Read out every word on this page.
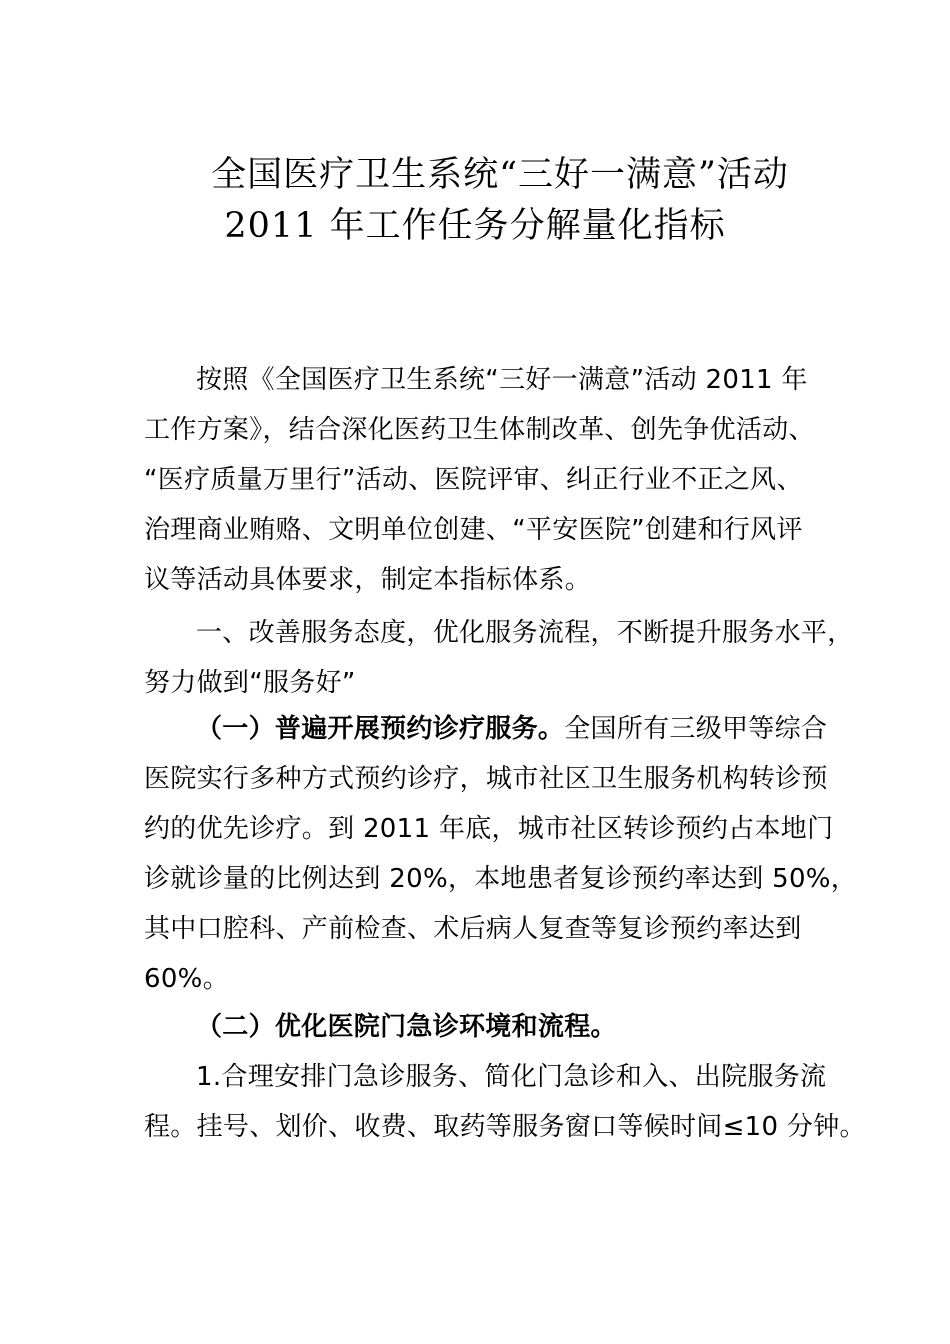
全国医疗卫生系统“三好一满意”活动
2011 年工作任务分解量化指标
按照《全国医疗卫生系统“三好一满意”活动 2011 年
工作方案》，结合深化医药卫生体制改革、创先争优活动、
“医疗质量万里行”活动、医院评审、纠正行业不正之风、
治理商业贿赂、文明单位创建、“平安医院”创建和行风评
议等活动具体要求，制定本指标体系。
一、改善服务态度，优化服务流程，不断提升服务水平，
努力做到“服务好”
（一）普遍开展预约诊疗服务。全国所有三级甲等综合
医院实行多种方式预约诊疗，城市社区卫生服务机构转诊预
约的优先诊疗。到 2011 年底，城市社区转诊预约占本地门
诊就诊量的比例达到 20%，本地患者复诊预约率达到 50%，
其中口腔科、产前检查、术后病人复查等复诊预约率达到
60%。
（二）优化医院门急诊环境和流程。
1.合理安排门急诊服务、简化门急诊和入、出院服务流
程。挂号、划价、收费、取药等服务窗口等候时间≤10 分钟。
